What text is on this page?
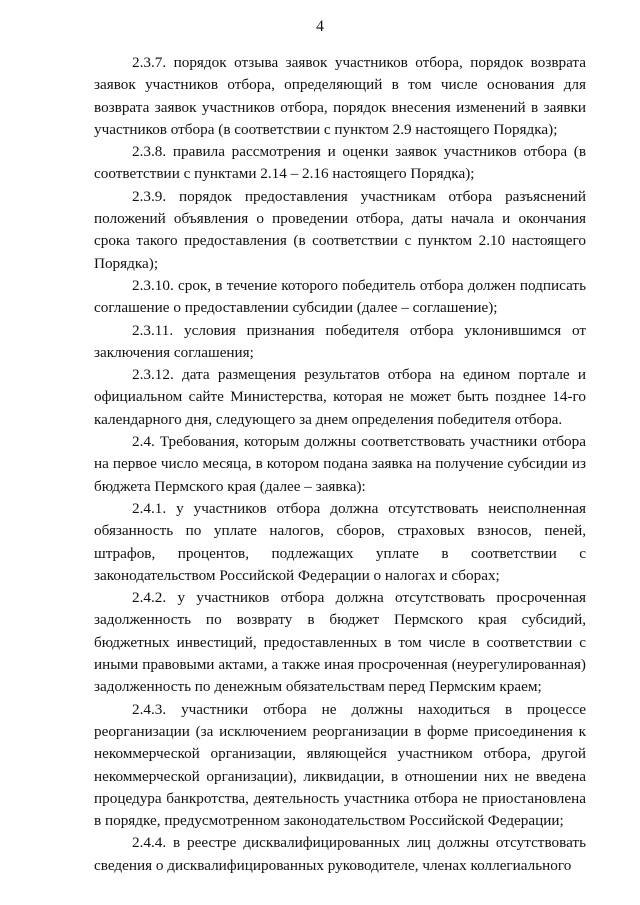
4

2.3.7. порядок отзыва заявок участников отбора, порядок возврата заявок участников отбора, определяющий в том числе основания для возврата заявок участников отбора, порядок внесения изменений в заявки участников отбора (в соответствии с пунктом 2.9 настоящего Порядка);

2.3.8. правила рассмотрения и оценки заявок участников отбора (в соответствии с пунктами 2.14 – 2.16 настоящего Порядка);

2.3.9. порядок предоставления участникам отбора разъяснений положений объявления о проведении отбора, даты начала и окончания срока такого предоставления (в соответствии с пунктом 2.10 настоящего Порядка);

2.3.10. срок, в течение которого победитель отбора должен подписать соглашение о предоставлении субсидии (далее – соглашение);

2.3.11. условия признания победителя отбора уклонившимся от заключения соглашения;

2.3.12. дата размещения результатов отбора на едином портале и официальном сайте Министерства, которая не может быть позднее 14-го календарного дня, следующего за днем определения победителя отбора.

2.4. Требования, которым должны соответствовать участники отбора на первое число месяца, в котором подана заявка на получение субсидии из бюджета Пермского края (далее – заявка):

2.4.1. у участников отбора должна отсутствовать неисполненная обязанность по уплате налогов, сборов, страховых взносов, пеней, штрафов, процентов, подлежащих уплате в соответствии с законодательством Российской Федерации о налогах и сборах;

2.4.2. у участников отбора должна отсутствовать просроченная задолженность по возврату в бюджет Пермского края субсидий, бюджетных инвестиций, предоставленных в том числе в соответствии с иными правовыми актами, а также иная просроченная (неурегулированная) задолженность по денежным обязательствам перед Пермским краем;

2.4.3. участники отбора не должны находиться в процессе реорганизации (за исключением реорганизации в форме присоединения к некоммерческой организации, являющейся участником отбора, другой некоммерческой организации), ликвидации, в отношении них не введена процедура банкротства, деятельность участника отбора не приостановлена в порядке, предусмотренном законодательством Российской Федерации;

2.4.4. в реестре дисквалифицированных лиц должны отсутствовать сведения о дисквалифицированных руководителе, членах коллегиального
